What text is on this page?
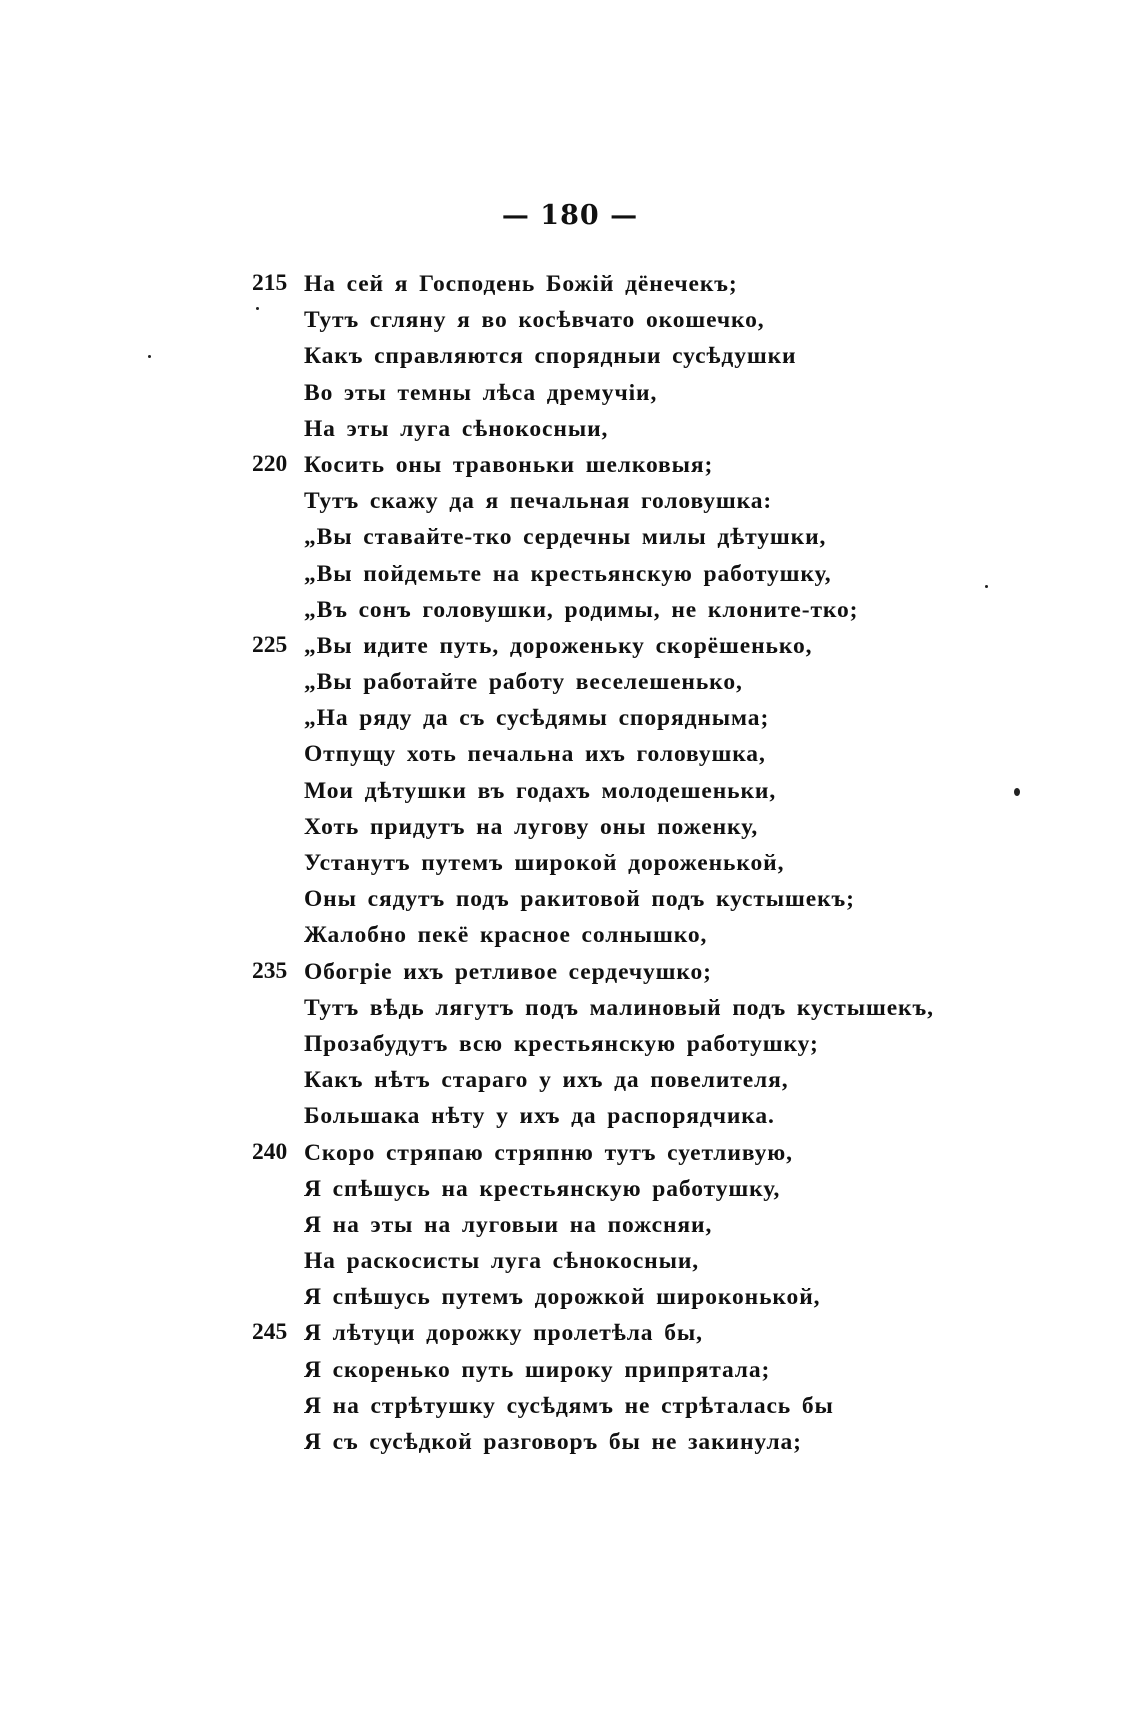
— 180 —
215 На сей я Господень Божій дёнечекъ;
Тутъ сгляну я во косѣвчато окошечко,
Какъ справляются спорядныи сусѣдушки
Во эты темны лѣса дремучіи,
На эты луга сѣнокосныи,
220 Косить оны травоньки шелковыя;
Тутъ скажу да я печальная головушка:
„Вы ставайте-тко сердечны милы дѣтушки,
„Вы пойдемьте на крестьянскую работушку,
„Въ сонъ головушки, родимы, не клоните-тко;
225 „Вы идите путь, дороженьку скорёшенько,
„Вы работайте работу веселешенько,
„На ряду да съ сусѣдямы спорядныма;
Отпущу хоть печальна ихъ головушка,
Мои дѣтушки въ годахъ молодешеньки,
Хоть придутъ на лугову оны поженку,
Устанутъ путемъ широкой дороженькой,
Оны сядутъ подъ ракитовой подъ кустышекъ;
Жалобно пекё красное солнышко,
235 Обогріе ихъ ретливое сердечушко;
Тутъ вѣдь лягутъ подъ малиновый подъ кустышекъ,
Прозабудутъ всю крестьянскую работушку;
Какъ нѣтъ стараго у ихъ да повелителя,
Большака нѣту у ихъ да распорядчика.
240 Скоро стряпаю стряпню тутъ суетливую,
Я спѣшусь на крестьянскую работушку,
Я на эты на луговыи на пожсняи,
На раскосисты луга сѣнокосныи,
Я спѣшусь путемъ дорожкой широконькой,
245 Я лѣтуци дорожку пролетѣла бы,
Я скоренько путь широку припрятала;
Я на стрѣтушку сусѣдямъ не стрѣталась бы
Я съ сусѣдкой разговоръ бы не закинула;
